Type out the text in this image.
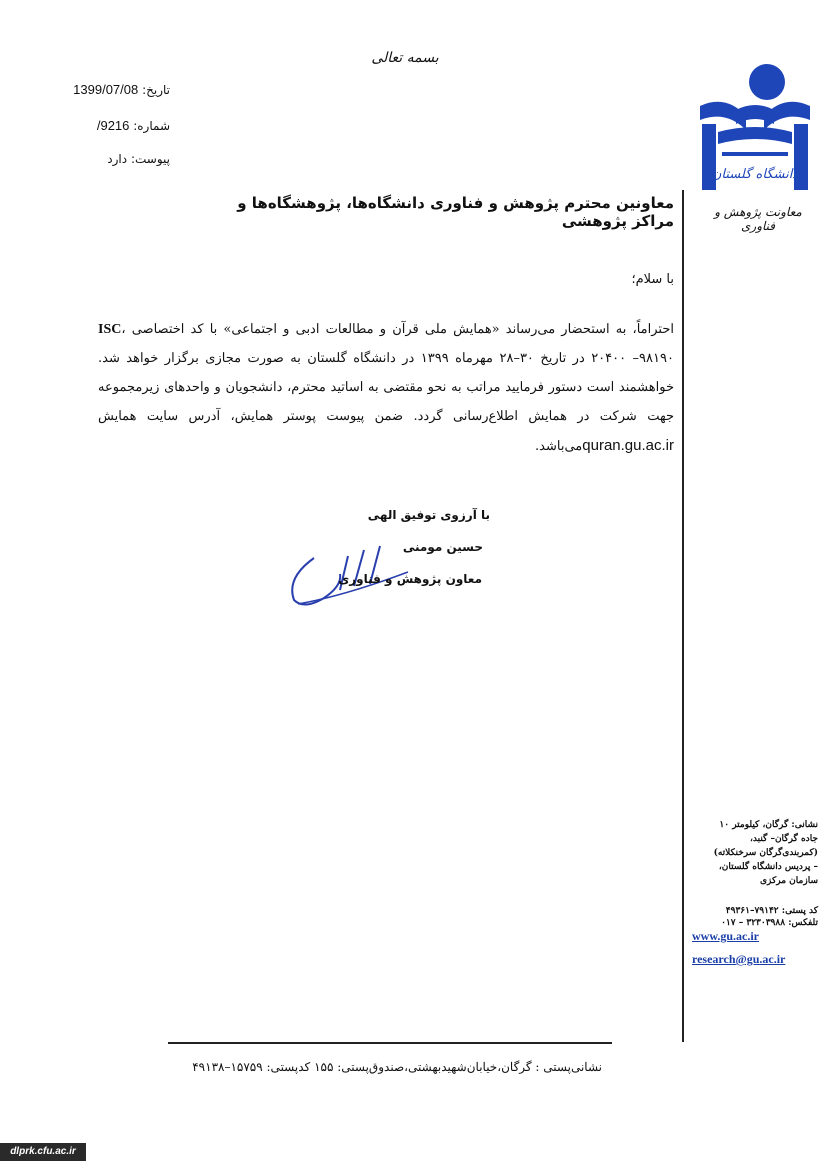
بسمه تعالی
تاریخ: 1399/07/08
شماره: 9216/
پیوست: دارد
دانشگاه گلستان
معاونت پژوهش و فناوری
معاونین محترم پژوهش و فناوری دانشگاه‌ها، پژوهشگاه‌ها و مراکز پژوهشی
با سلام؛
احتراماً، به استحضار می‌رساند «همایش ملی قرآن و مطالعات ادبی و اجتماعی» با کد اختصاصی ISC، ۲۰۴۰۰ –۹۸۱۹۰ در تاریخ ۳۰–۲۸ مهرماه ۱۳۹۹ در دانشگاه گلستان به صورت مجازی برگزار خواهد شد. خواهشمند است دستور فرمایید مراتب به نحو مقتضی به اساتید محترم، دانشجویان و واحدهای زیرمجموعه جهت شرکت در همایش اطلاع‌رسانی گردد. ضمن پیوست پوستر همایش، آدرس سایت همایش quran.gu.ac.irمی‌باشد.
با آرزوی توفیق الهی
حسین مومنی
معاون پژوهش و فناوری
نشانی: گرگان، کیلومتر ۱۰
جاده گرگان– گنبد،
(کمربندی‌گرگان سرخنکلاته)
– پردیس دانشگاه گلستان،
سازمان مرکزی
کد پستی: ۷۹۱۴۲–۴۹۳۶۱
تلفکس: ۳۲۳۰۳۹۸۸ – ۰۱۷
www.gu.ac.ir
research@gu.ac.ir
نشانی‌پستی : گرگان،خیابان‌شهیدبهشتی،صندوق‌پستی: ۱۵۵ کدپستی: ۱۵۷۵۹–۴۹۱۳۸
dlprk.cfu.ac.ir
